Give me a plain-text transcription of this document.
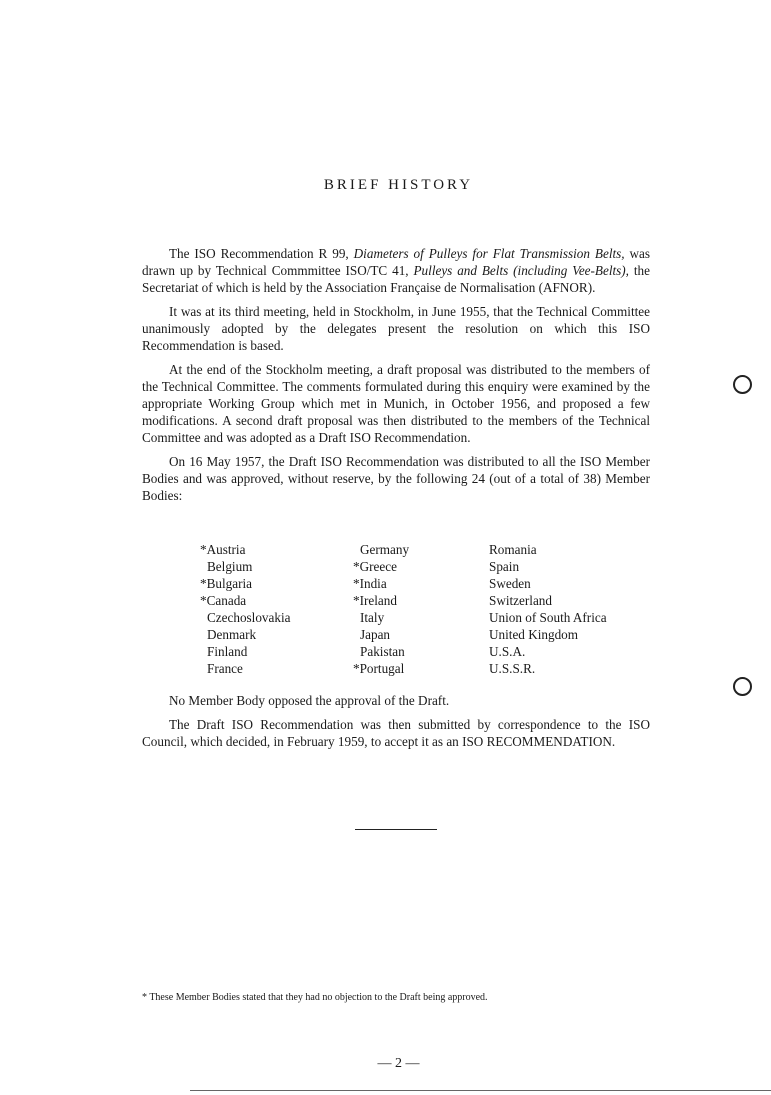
BRIEF HISTORY

The ISO Recommendation R 99, Diameters of Pulleys for Flat Transmission Belts, was drawn up by Technical Commmittee ISO/TC 41, Pulleys and Belts (including Vee-Belts), the Secretariat of which is held by the Association Française de Normalisation (AFNOR).

It was at its third meeting, held in Stockholm, in June 1955, that the Technical Committee unanimously adopted by the delegates present the resolution on which this ISO Recommendation is based.

At the end of the Stockholm meeting, a draft proposal was distributed to the members of the Technical Committee. The comments formulated during this enquiry were examined by the appropriate Working Group which met in Munich, in October 1956, and proposed a few modifications. A second draft proposal was then distributed to the members of the Technical Committee and was adopted as a Draft ISO Recommendation.

On 16 May 1957, the Draft ISO Recommendation was distributed to all the ISO Member Bodies and was approved, without reserve, by the following 24 (out of a total of 38) Member Bodies:

*Austria
Belgium
*Bulgaria
*Canada
Czechoslovakia
Denmark
Finland
France
Germany
*Greece
*India
*Ireland
Italy
Japan
Pakistan
*Portugal
Romania
Spain
Sweden
Switzerland
Union of South Africa
United Kingdom
U.S.A.
U.S.S.R.

No Member Body opposed the approval of the Draft.

The Draft ISO Recommendation was then submitted by correspondence to the ISO Council, which decided, in February 1959, to accept it as an ISO RECOMMENDATION.

* These Member Bodies stated that they had no objection to the Draft being approved.
— 2 —
